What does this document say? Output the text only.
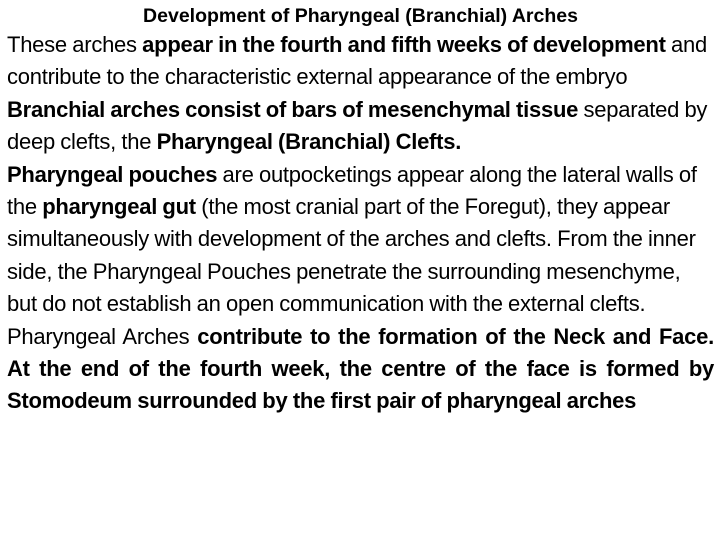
Development of Pharyngeal (Branchial) Arches
These arches appear in the fourth and fifth weeks of development and contribute to the characteristic external appearance of the embryo
Branchial arches consist of bars of mesenchymal tissue separated by deep clefts, the Pharyngeal (Branchial) Clefts.
Pharyngeal pouches are outpocketings appear along the lateral walls of the pharyngeal gut (the most cranial part of the Foregut), they appear simultaneously with development of the arches and clefts. From the inner side, the Pharyngeal Pouches penetrate the surrounding mesenchyme, but do not establish an open communication with the external clefts.
Pharyngeal Arches contribute to the formation of the Neck and Face. At the end of the fourth week, the centre of the face is formed by Stomodeum surrounded by the first pair of pharyngeal arches
